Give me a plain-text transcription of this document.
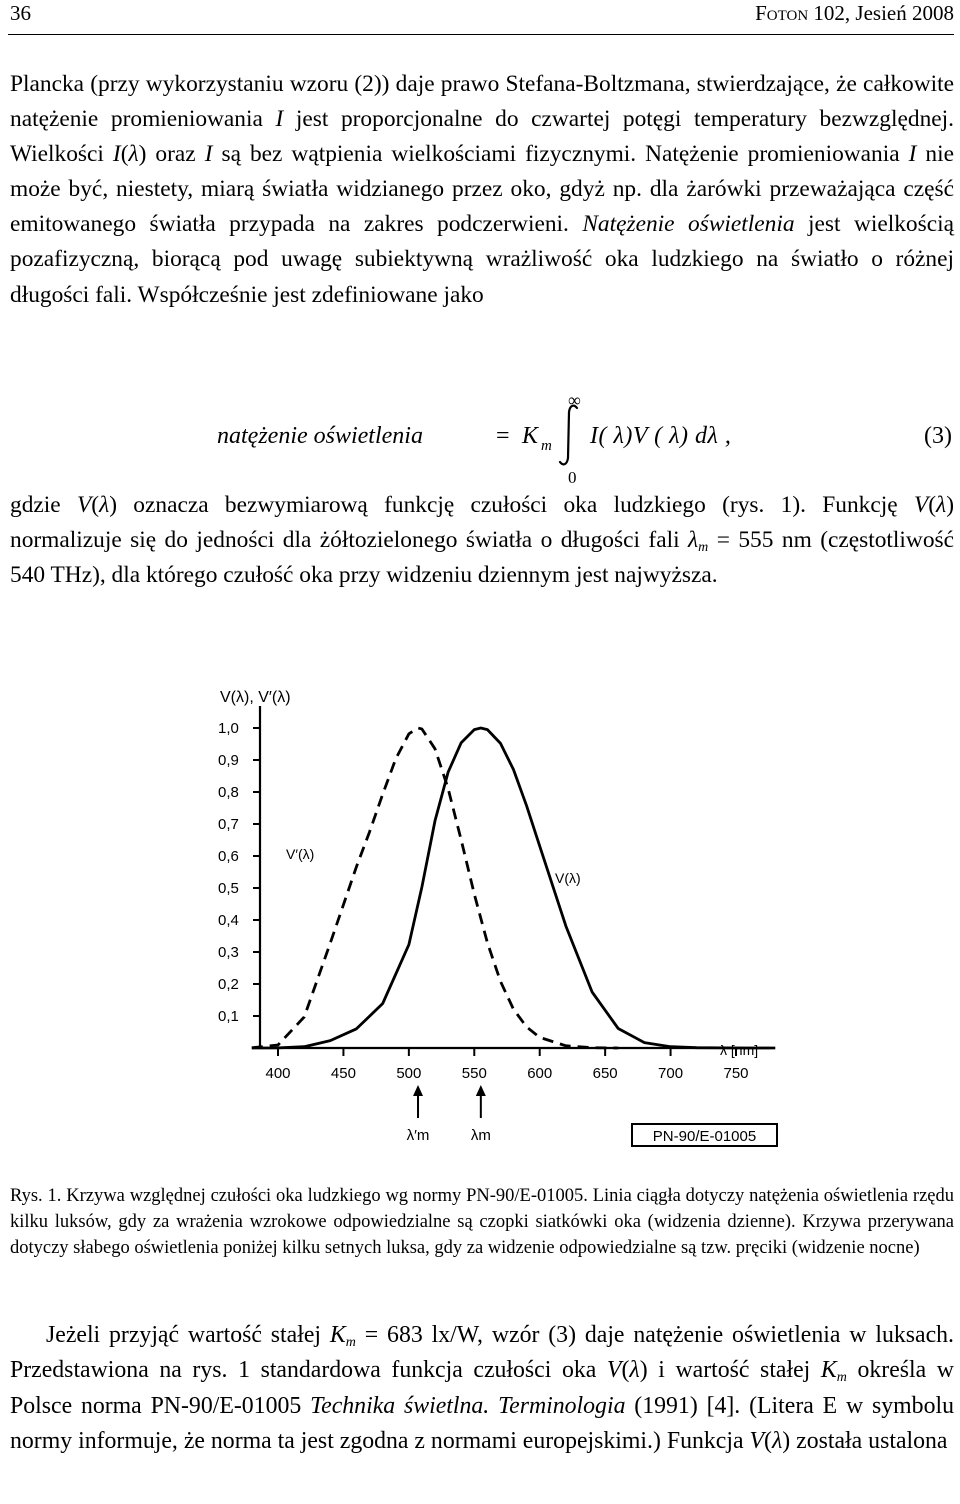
36	Foton 102, Jesień 2008

Plancka (przy wykorzystaniu wzoru (2)) daje prawo Stefana-Boltzmana, stwierdzające, że całkowite natężenie promieniowania I jest proporcjonalne do czwartej potęgi temperatury bezwzględnej. Wielkości I(λ) oraz I są bez wątpienia wielkościami fizycznymi. Natężenie promieniowania I nie może być, niestety, miarą światła widzianego przez oko, gdyż np. dla żarówki przeważająca część emitowanego światła przypada na zakres podczerwieni. Natężenie oświetlenia jest wielkością pozafizyczną, biorącą pod uwagę subiektywną wrażliwość oka ludzkiego na światło o różnej długości fali. Współcześnie jest zdefiniowane jako

natężenie oświetlenia	= K m
∞
0
I( λ)V ( λ) dλ ,	(3)

gdzie V(λ) oznacza bezwymiarową funkcję czułości oka ludzkiego (rys. 1). Funkcję V(λ) normalizuje się do jedności dla żółtozielonego światła o długości fali $\lambda_m = 555$ nm (częstotliwość 540 THz), dla którego czułość oka przy widzeniu dziennym jest najwyższa.

V(λ), V′(λ)
λ [nm]
V′(λ)
V(λ)
PN-90/E-01005
1,0
0,9
0,8
0,7
0,6
0,5
0,4
0,3
0,2
0,1
400	450	500	550	600	650	700	750
λ′m	λm

Rys. 1. Krzywa względnej czułości oka ludzkiego wg normy PN-90/E-01005. Linia ciągła dotyczy natężenia oświetlenia rzędu kilku luksów, gdy za wrażenia wzrokowe odpowiedzialne są czopki siatkówki oka (widzenia dzienne). Krzywa przerywana dotyczy słabego oświetlenia poniżej kilku setnych luksa, gdy za widzenie odpowiedzialne są tzw. pręciki (widzenie nocne)

Jeżeli przyjąć wartość stałej $K_m = 683$ lx/W, wzór (3) daje natężenie oświetlenia w luksach. Przedstawiona na rys. 1 standardowa funkcja czułości oka V(λ) i wartość stałej $K_m$ określa w Polsce norma PN-90/E-01005 Technika świetlna. Terminologia (1991) [4]. (Litera E w symbolu normy informuje, że norma ta jest zgodna z normami europejskimi.) Funkcja V(λ) została ustalona
